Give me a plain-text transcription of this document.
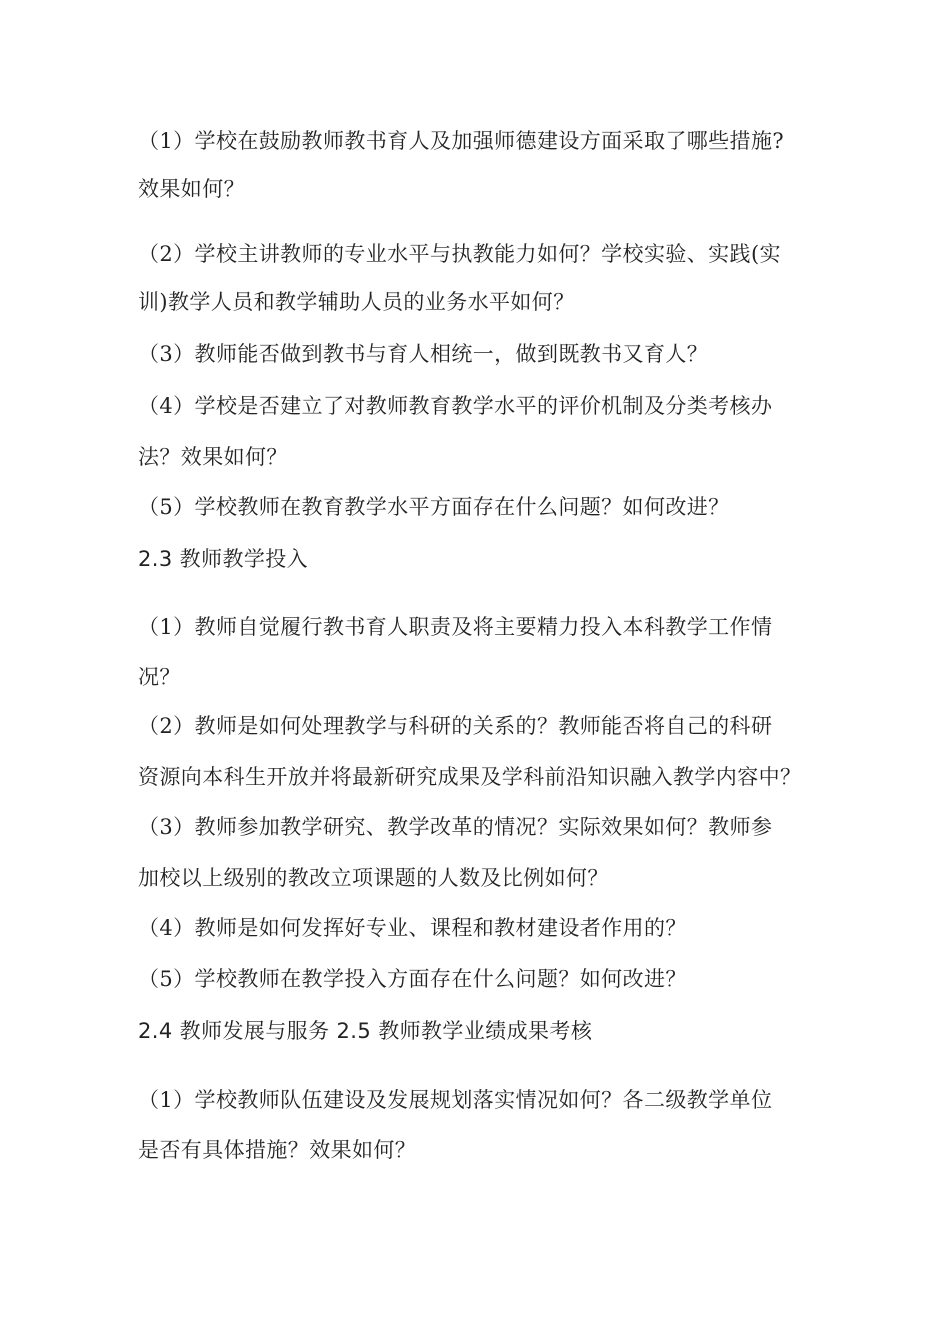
（1）学校在鼓励教师教书育人及加强师德建设方面采取了哪些措施?
效果如何？
（2）学校主讲教师的专业水平与执教能力如何？学校实验、实践(实
训)教学人员和教学辅助人员的业务水平如何？
（3）教师能否做到教书与育人相统一，做到既教书又育人？
（4）学校是否建立了对教师教育教学水平的评价机制及分类考核办
法？效果如何？
（5）学校教师在教育教学水平方面存在什么问题？如何改进？
2.3 教师教学投入
（1）教师自觉履行教书育人职责及将主要精力投入本科教学工作情
况？
（2）教师是如何处理教学与科研的关系的？教师能否将自己的科研
资源向本科生开放并将最新研究成果及学科前沿知识融入教学内容中？
（3）教师参加教学研究、教学改革的情况？实际效果如何？教师参
加校以上级别的教改立项课题的人数及比例如何？
（4）教师是如何发挥好专业、课程和教材建设者作用的？
（5）学校教师在教学投入方面存在什么问题？如何改进？
2.4 教师发展与服务 2.5 教师教学业绩成果考核
（1）学校教师队伍建设及发展规划落实情况如何？各二级教学单位
是否有具体措施？效果如何？
